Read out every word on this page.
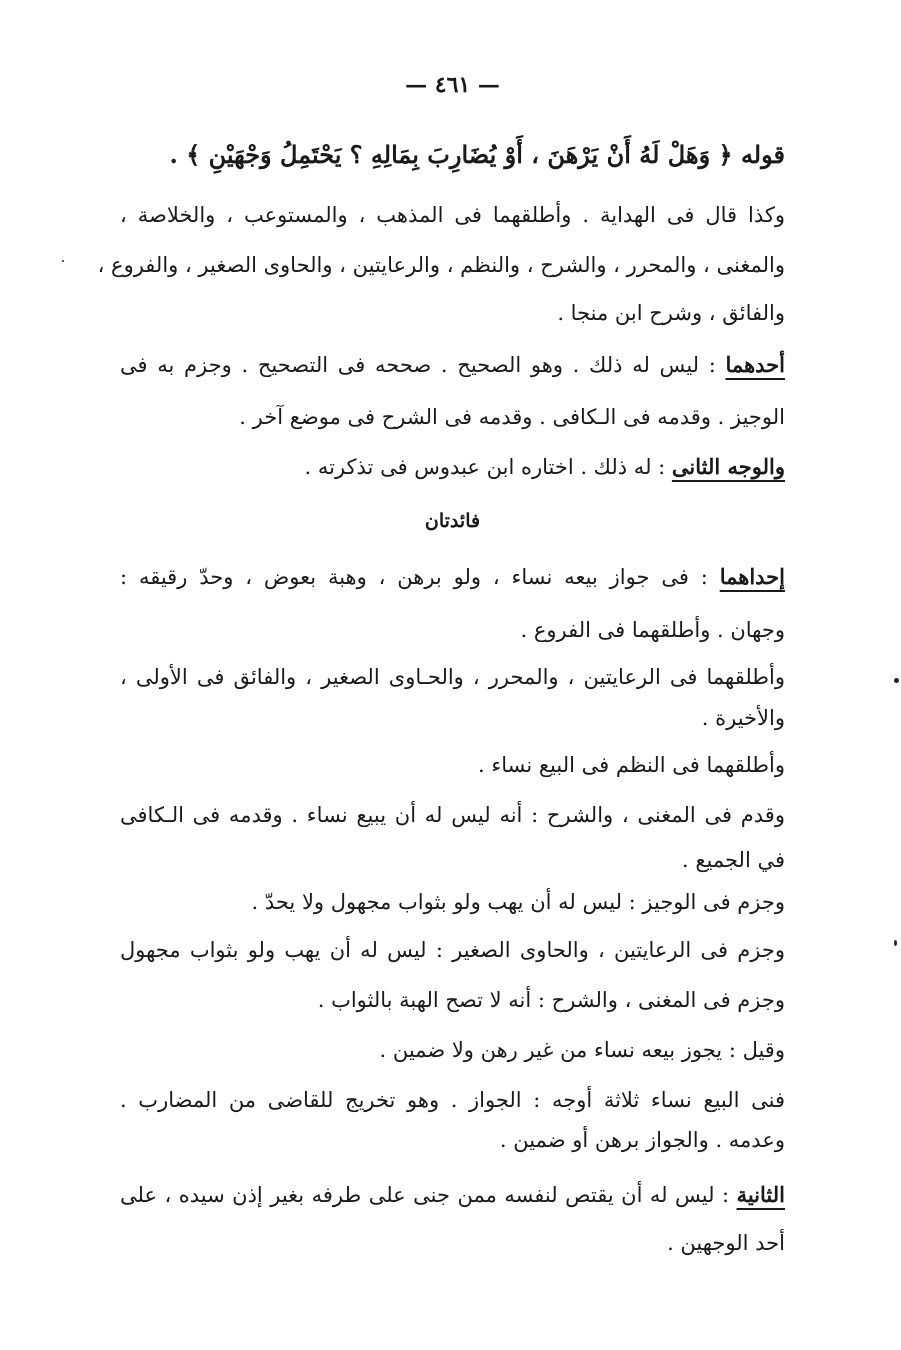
— ٤٦١ —
قوله ﴿ وَهَلْ لَهُ أَنْ يَرْهَنَ ، أَوْ يُضَارِبَ بِمَالِهِ ؟ يَحْتَمِلُ وَجْهَيْنِ ﴾ .
وكذا قال فى الهداية . وأطلقهما فى المذهب ، والمستوعب ، والخلاصة ،
والمغنى ، والمحرر ، والشرح ، والنظم ، والرعايتين ، والحاوى الصغير ، والفروع ،
والفائق ، وشرح ابن منجا .
أحدهما : ليس له ذلك . وهو الصحيح . صححه فى التصحيح . وجزم به فى
الوجيز . وقدمه فى الـكافى . وقدمه فى الشرح فى موضع آخر .
والوجه الثانى : له ذلك . اختاره ابن عبدوس فى تذكرته .
فائدتان
إحداهما : فى جواز بيعه نساء ، ولو برهن ، وهبة بعوض ، وحدّ رقيقه :
وجهان . وأطلقهما فى الفروع .
وأطلقهما فى الرعايتين ، والمحرر ، والحـاوى الصغير ، والفائق فى الأولى ،
والأخيرة .
وأطلقهما فى النظم فى البيع نساء .
وقدم فى المغنى ، والشرح : أنه ليس له أن يبيع نساء . وقدمه فى الـكافى
في الجميع .
وجزم فى الوجيز : ليس له أن يهب ولو بثواب مجهول ولا يحدّ .
وجزم فى الرعايتين ، والحاوى الصغير : ليس له أن يهب ولو بثواب مجهول
وجزم فى المغنى ، والشرح : أنه لا تصح الهبة بالثواب .
وقيل : يجوز بيعه نساء من غير رهن ولا ضمين .
فنى البيع نساء ثلاثة أوجه : الجواز . وهو تخريج للقاضى من المضارب .
وعدمه . والجواز برهن أو ضمين .
الثانية : ليس له أن يقتص لنفسه ممن جنى على طرفه بغير إذن سيده ، على
أحد الوجهين .
